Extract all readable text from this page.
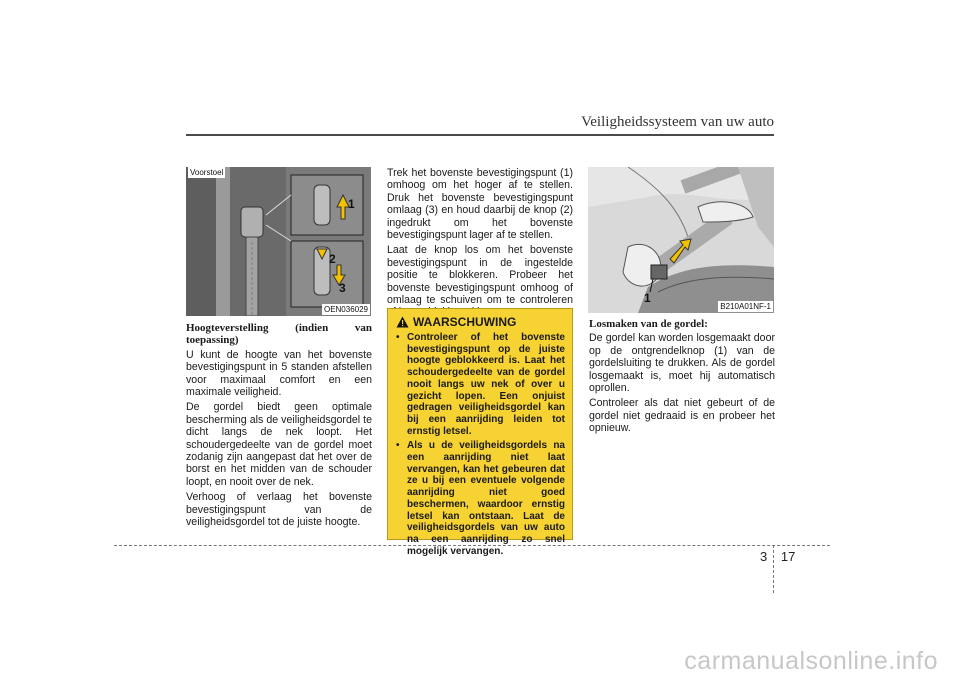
Veiligheidssysteem van uw auto
Voorstoel
1
2
3
OEN036029
Hoogteverstelling (indien van toepassing)

U kunt de hoogte van het bovenste bevestigingspunt in 5 standen afstellen voor maximaal comfort en een maximale veiligheid.

De gordel biedt geen optimale bescherming als de veiligheidsgordel te dicht langs de nek loopt. Het schoudergedeelte van de gordel moet zodanig zijn aangepast dat het over de borst en het midden van de schouder loopt, en nooit over de nek.

Verhoog of verlaag het bovenste bevestigingspunt van de veiligheidsgordel tot de juiste hoogte.

Trek het bovenste bevestigingspunt (1) omhoog om het hoger af te stellen. Druk het bovenste bevestigingspunt omlaag (3) en houd daarbij de knop (2) ingedrukt om het bovenste bevestigingspunt lager af te stellen.

Laat de knop los om het bovenste bevestigingspunt in de ingestelde positie te blokkeren. Probeer het bovenste bevestigingspunt omhoog of omlaag te schuiven om te controleren

WAARSCHUWING
• Controleer of het bovenste bevestigingspunt op de juiste hoogte geblokkeerd is. Laat het schoudergedeelte van de gordel nooit langs uw nek of over u gezicht lopen. Een onjuist gedragen veiligheidsgordel kan bij een aanrijding leiden tot ernstig letsel.
• Als u de veiligheidsgordels na een aanrijding niet laat vervangen, kan het gebeuren dat ze u bij een eventuele volgende aanrijding niet goed beschermen, waardoor ernstig letsel kan ontstaan. Laat de veiligheidsgordels van uw auto na een aanrijding zo snel mogelijk vervangen.
1
B210A01NF-1
Losmaken van de gordel:

De gordel kan worden losgemaakt door op de ontgrendelknop (1) van de gordelsluiting te drukken. Als de gordel losgemaakt is, moet hij automatisch oprollen.

Controleer als dat niet gebeurt of de gordel niet gedraaid is en probeer het opnieuw.

3 17
carmanualsonline.info
